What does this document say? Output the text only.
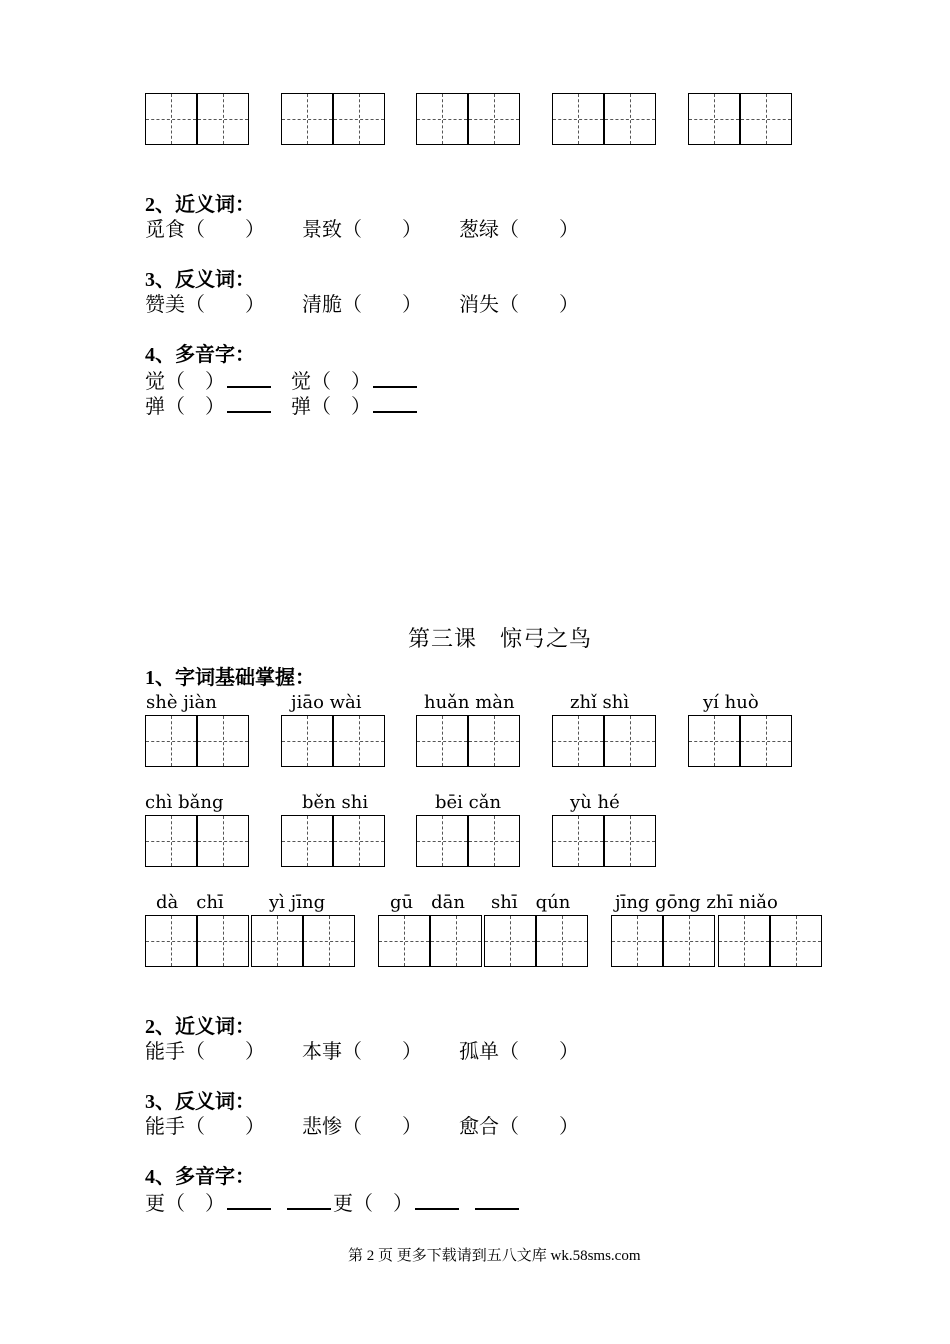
2、近义词：
觅食（　　） 景致（　　） 葱绿（　　）
3、反义词：
赞美（　　） 清脆（　　） 消失（　　）
4、多音字：
觉（　）	觉（　）
弹（　）	弹（　）
第三课　惊弓之鸟
1、字词基础掌握：
shè jiàn	jiāo wài	huǎn màn	zhǐ shì	yí huò
chì bǎng	běn shi	bēi cǎn	yù hé
dà　chī	yì jīng	gū　dān shī　qún jīng gōng zhī niǎo
2、近义词：
能手（　　） 本事（　　） 孤单（　　）
3、反义词：
能手（　　） 悲惨（　　） 愈合（　　）
4、多音字：
更（　）	更（　）
第 2 页 更多下载请到五八文库 wk.58sms.com
